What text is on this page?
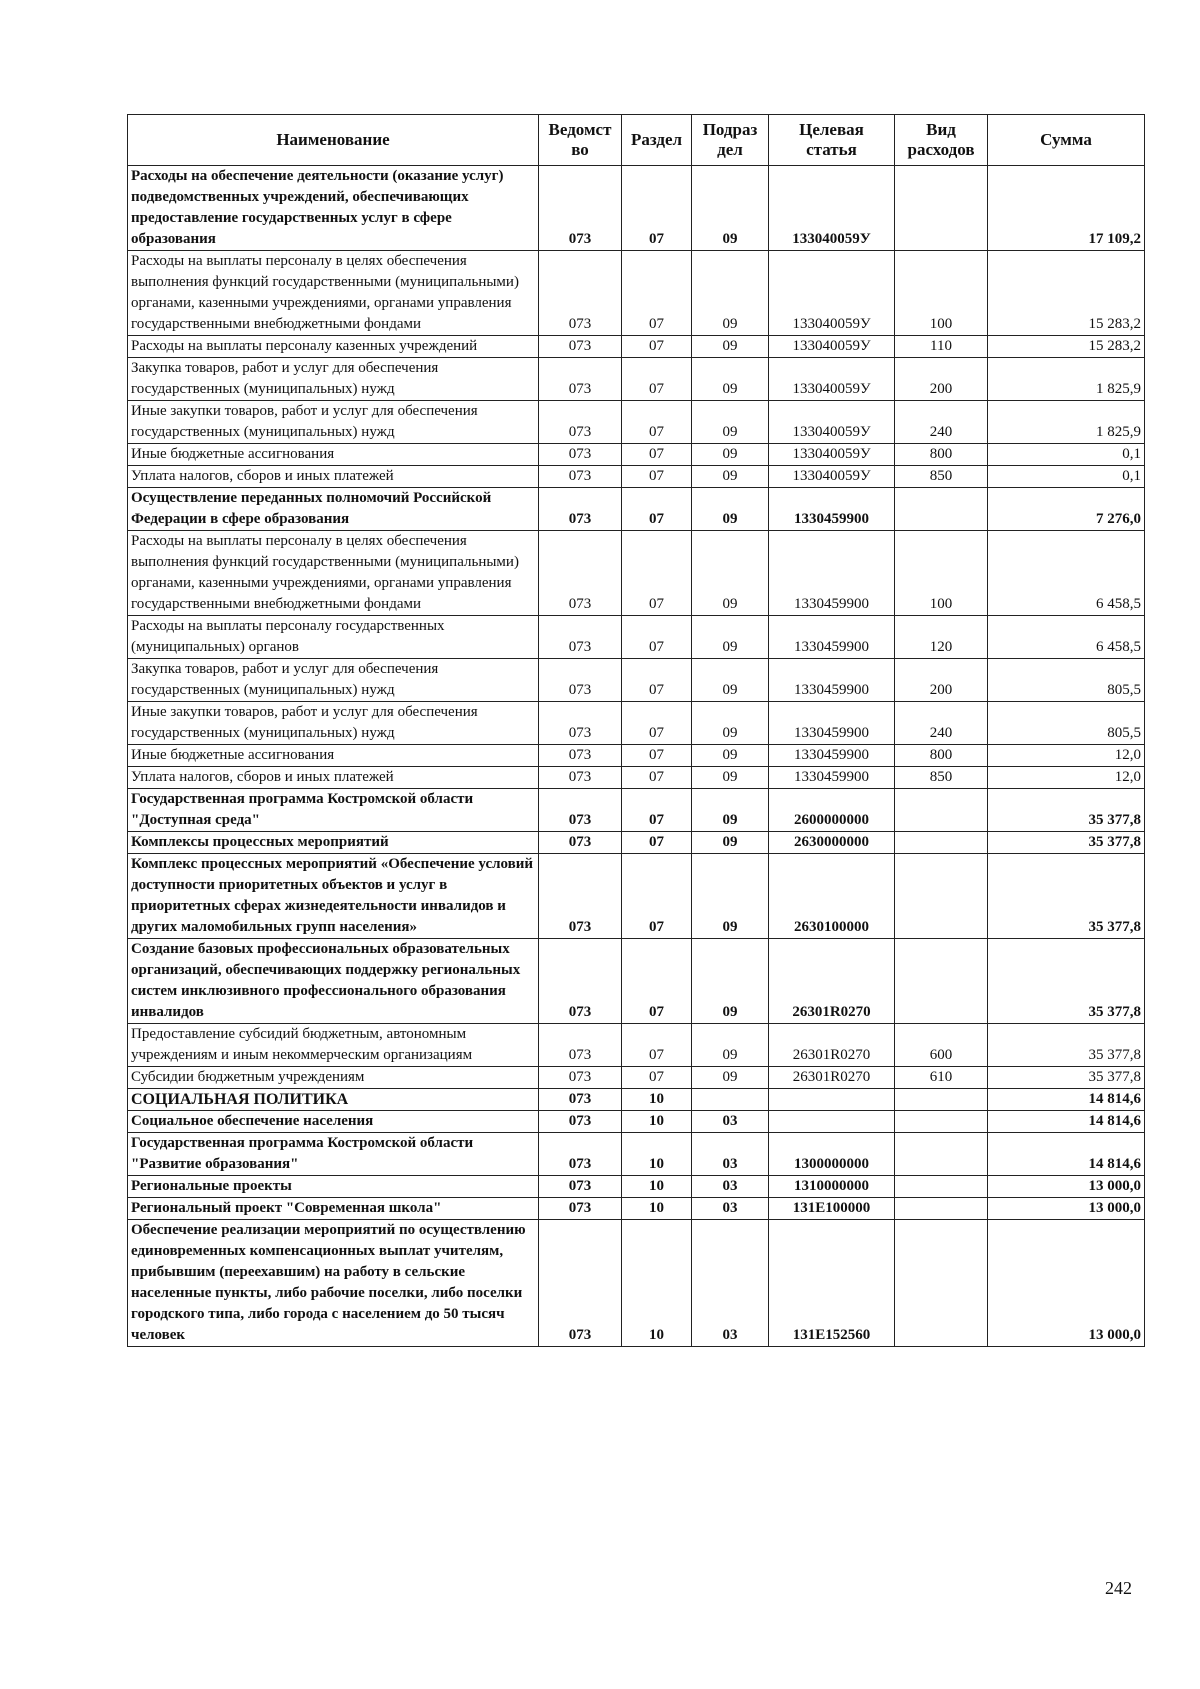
Наименование	Ведомст во	Раздел	Подраз дел	Целевая статья	Вид расходов	Сумма
Расходы на обеспечение деятельности (оказание услуг) подведомственных учреждений, обеспечивающих предоставление государственных услуг в сфере образования	073	07	09	133040059У		17 109,2
Расходы на выплаты персоналу в целях обеспечения выполнения функций государственными (муниципальными) органами, казенными учреждениями, органами управления государственными внебюджетными фондами	073	07	09	133040059У	100	15 283,2
Расходы на выплаты персоналу казенных учреждений	073	07	09	133040059У	110	15 283,2
Закупка товаров, работ и услуг для обеспечения государственных (муниципальных) нужд	073	07	09	133040059У	200	1 825,9
Иные закупки товаров, работ и услуг для обеспечения государственных (муниципальных) нужд	073	07	09	133040059У	240	1 825,9
Иные бюджетные ассигнования	073	07	09	133040059У	800	0,1
Уплата налогов, сборов и иных платежей	073	07	09	133040059У	850	0,1
Осуществление переданных полномочий Российской Федерации в сфере образования	073	07	09	1330459900		7 276,0
Расходы на выплаты персоналу в целях обеспечения выполнения функций государственными (муниципальными) органами, казенными учреждениями, органами управления государственными внебюджетными фондами	073	07	09	1330459900	100	6 458,5
Расходы на выплаты персоналу государственных (муниципальных) органов	073	07	09	1330459900	120	6 458,5
Закупка товаров, работ и услуг для обеспечения государственных (муниципальных) нужд	073	07	09	1330459900	200	805,5
Иные закупки товаров, работ и услуг для обеспечения государственных (муниципальных) нужд	073	07	09	1330459900	240	805,5
Иные бюджетные ассигнования	073	07	09	1330459900	800	12,0
Уплата налогов, сборов и иных платежей	073	07	09	1330459900	850	12,0
Государственная программа Костромской области "Доступная среда"	073	07	09	2600000000		35 377,8
Комплексы процессных мероприятий	073	07	09	2630000000		35 377,8
Комплекс процессных мероприятий «Обеспечение условий доступности приоритетных объектов и услуг в приоритетных сферах жизнедеятельности инвалидов и других маломобильных групп населения»	073	07	09	2630100000		35 377,8
Создание базовых профессиональных образовательных организаций, обеспечивающих поддержку региональных систем инклюзивного профессионального образования инвалидов	073	07	09	26301R0270		35 377,8
Предоставление субсидий бюджетным, автономным учреждениям и иным некоммерческим организациям	073	07	09	26301R0270	600	35 377,8
Субсидии бюджетным учреждениям	073	07	09	26301R0270	610	35 377,8
СОЦИАЛЬНАЯ ПОЛИТИКА	073	10				14 814,6
Социальное обеспечение населения	073	10	03			14 814,6
Государственная программа Костромской области "Развитие образования"	073	10	03	1300000000		14 814,6
Региональные проекты	073	10	03	1310000000		13 000,0
Региональный проект "Современная школа"	073	10	03	131E100000		13 000,0
Обеспечение реализации мероприятий по осуществлению единовременных компенсационных выплат учителям, прибывшим (переехавшим) на работу в сельские населенные пункты, либо рабочие поселки, либо поселки городского типа, либо города с населением до 50 тысяч человек	073	10	03	131E152560		13 000,0
242
